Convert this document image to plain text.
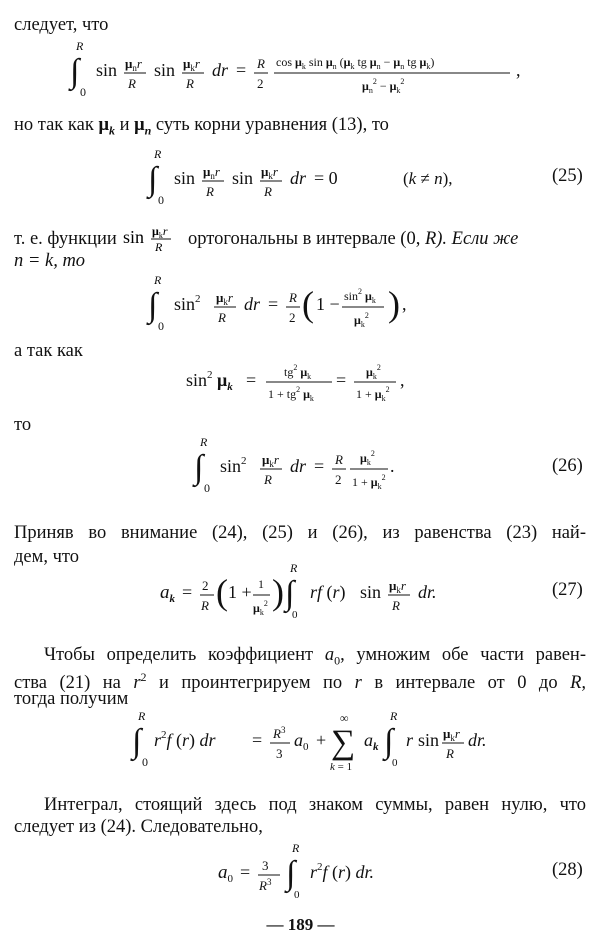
следует, что
R
∫
0
$\sin \mu_nr$
R
$\sin \mu_kr$
R
dr = R
2
$\cos \mu_k$ $\sin \mu_n$ ($\mu_k$ tg $\mu_n - \mu_n$ tg $\mu_k$)
$\mu_n^2 - \mu_k^2$
,
но так как $\mu_k$ и $\mu_n$ суть корни уравнения (13), то
R
∫
0
$\sin \mu_nr$
R
$\sin \mu_kr$
R
dr = 0	(k ≠ n),	(25)
т. е. функции $\sin \mu_kr$
R ортогональны в интервале (0, R). Если же
n = k, то
R
∫
0
$\sin^2 \mu_kr$
R
dr = R
2 ( $1 - \sin^2 \mu_k$
$\mu_k^2$ ) ,
а так как
$\sin^2 \mu_k = tg^2$ $\mu_k$
$1 + tg^2$ $\mu_k$
= $\mu_k^2$
$1 + \mu_k^2$ ,
то
R
∫
0
$\sin^2 \mu_kr$
R
dr = R
2
$\mu_k^2$
$1 + \mu_k^2$
.	(26)
Приняв во внимание (24), (25) и (26), из равенства (23) най-
дем, что
$a_k = 2$
R ( 1 + 1
$\mu_k^2$ )
R
∫
0
rf (r) $\sin \mu_kr$
R
dr.	(27)
Чтобы определить коэффициент $a_0$, умножим обе части равен-
ства (21) на $r^2$ и проинтегрируем по r в интервале от 0 до R,
тогда получим
R
∫
0
$r^2f$ (r) dr = $R^3$
3
$a_0$ +
∞
∑
k = 1
$a_k$
R
∫
0
r $\sin \mu_kr$
R
dr.
Интеграл, стоящий здесь под знаком суммы, равен нулю, что
следует из (24). Следовательно,
$a_0 = 3$
$R^3$
R
∫
0
$r^2f$ (r) dr.	(28)
— 189 —
